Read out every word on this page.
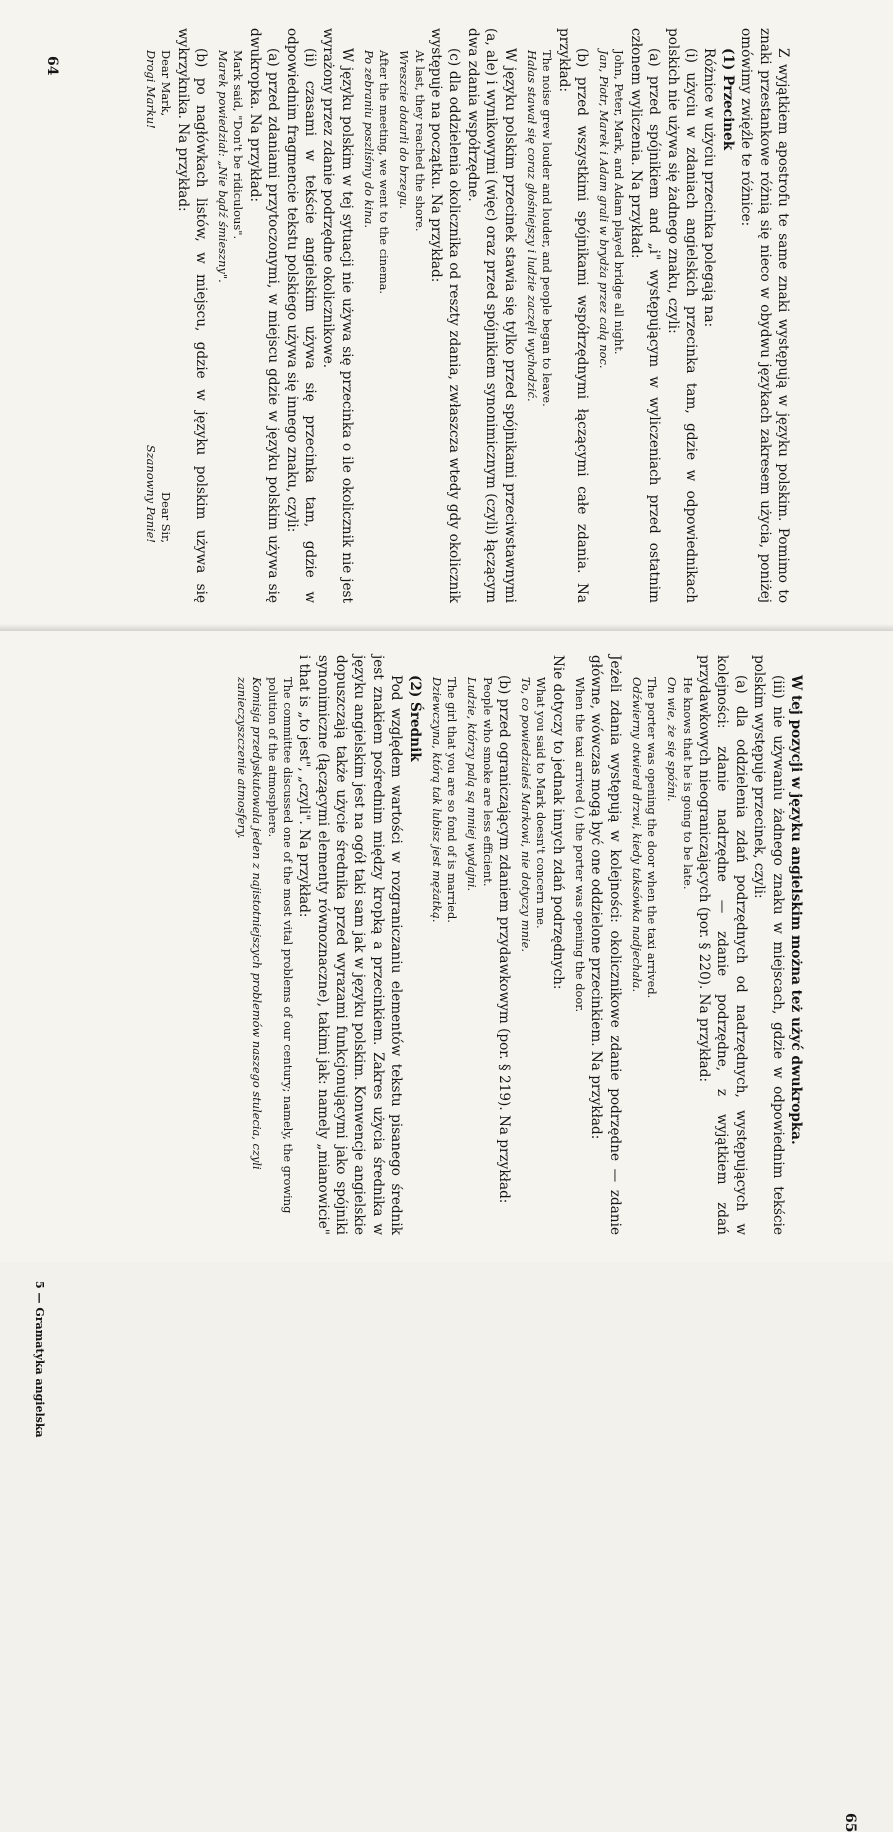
Z wyjątkiem apostrofu te same znaki występują w języku polskim. Pomimo to znaki przestankowe różnią się nieco w obydwu językach zakresem użycia, poniżej omówimy zwięźle te różnice:

(1) Przecinek

Różnice w użyciu przecinka polegają na:

(i) użyciu w zdaniach angielskich przecinka tam, gdzie w odpowiednikach polskich nie używa się żadnego znaku, czyli:

(a) przed spójnikiem and „i" występującym w wyliczeniach przed ostatnim członem wyliczenia. Na przykład:

John, Peter, Mark, and Adam played bridge all night.

Jan, Piotr, Marek i Adam grali w brydża przez całą noc.

(b) przed wszystkimi spójnikami współrzędnymi łączącymi całe zdania. Na przykład:

The noise grew louder and louder, and people began to leave.

Hałas stawał się coraz głośniejszy i ludzie zaczęli wychodzić.

W języku polskim przecinek stawia się tylko przed spójnikami przeciwstawnymi (a, ale) i wynikowymi (więc) oraz przed spójnikiem synonimicznym (czyli) łączącym dwa zdania współrzędne.

(c) dla oddzielenia okolicznika od reszty zdania, zwłaszcza wtedy gdy okolicznik występuje na początku. Na przykład:

At last, they reached the shore.

Wreszcie dotarli do brzegu.

After the meeting, we went to the cinema.

Po zebraniu poszliśmy do kina.

W języku polskim w tej sytuacji nie używa się przecinka o ile okolicznik nie jest wyrażony przez zdanie podrzędne okolicznikowe.

(ii) czasami w tekście angielskim używa się przecinka tam, gdzie w odpowiednim fragmencie tekstu polskiego używa się innego znaku, czyli:

(a) przed zdaniami przytoczonymi, w miejscu gdzie w języku polskim używa się dwukropka. Na przykład:

Mark said, "Don't be ridiculous".

Marek powiedział: „Nie bądź śmieszny".

(b) po nagłówkach listów, w miejscu, gdzie w języku polskim używa się wykrzyknika. Na przykład:

Dear Mark,
Dear Sir,
Drogi Marku!
Szanowny Panie!
64

W tej pozycji w języku angielskim można też użyć dwukropka.

(iii) nie używaniu żadnego znaku w miejscach, gdzie w odpowiednim tekście polskim występuje przecinek, czyli:

(a) dla oddzielenia zdań podrzędnych od nadrzędnych, występujących w kolejności: zdanie nadrzędne — zdanie podrzędne, z wyjątkiem zdań przydawkowych nieograniczających (por. § 220). Na przykład:

He knows that he is going to be late.

On wie, że się spóźni.

The porter was opening the door when the taxi arrived.

Odźwierny otwierał drzwi, kiedy taksówka nadjechała.

Jeżeli zdania występują w kolejności: okolicznikowe zdanie podrzędne — zdanie główne, wówczas mogą być one oddzielone przecinkiem. Na przykład:

When the taxi arrived (,) the porter was opening the door.

Nie dotyczy to jednak innych zdań podrzędnych:

What you said to Mark doesn't concern me.

To, co powiedziałeś Markowi, nie dotyczy mnie.

(b) przed ograniczającym zdaniem przydawkowym (por. § 219). Na przykład:

People who smoke are less efficient.

Ludzie, którzy palą są mniej wydajni.

The girl that you are so fond of is married.

Dziewczyna, którą tak lubisz jest mężatką.

(2) Średnik

Pod względem wartości w rozgraniczaniu elementów tekstu pisanego średnik jest znakiem pośrednim między kropką a przecinkiem. Zakres użycia średnika w języku angielskim jest na ogół taki sam jak w języku polskim. Konwencje angielskie dopuszczają także użycie średnika przed wyrazami funkcjonującymi jako spójniki synonimiczne (łączącymi elementy równoznaczne), takimi jak: namely „mianowicie" i that is „to jest", „czyli". Na przykład:

The committee discussed one of the most vital problems of our century; namely, the growing polution of the atmosphere.

Komisja przedyskutowała jeden z najistotniejszych problemów naszego stulecia, czyli zanieczyszczenie atmosfery.

5 — Gramatyka angielska
65
